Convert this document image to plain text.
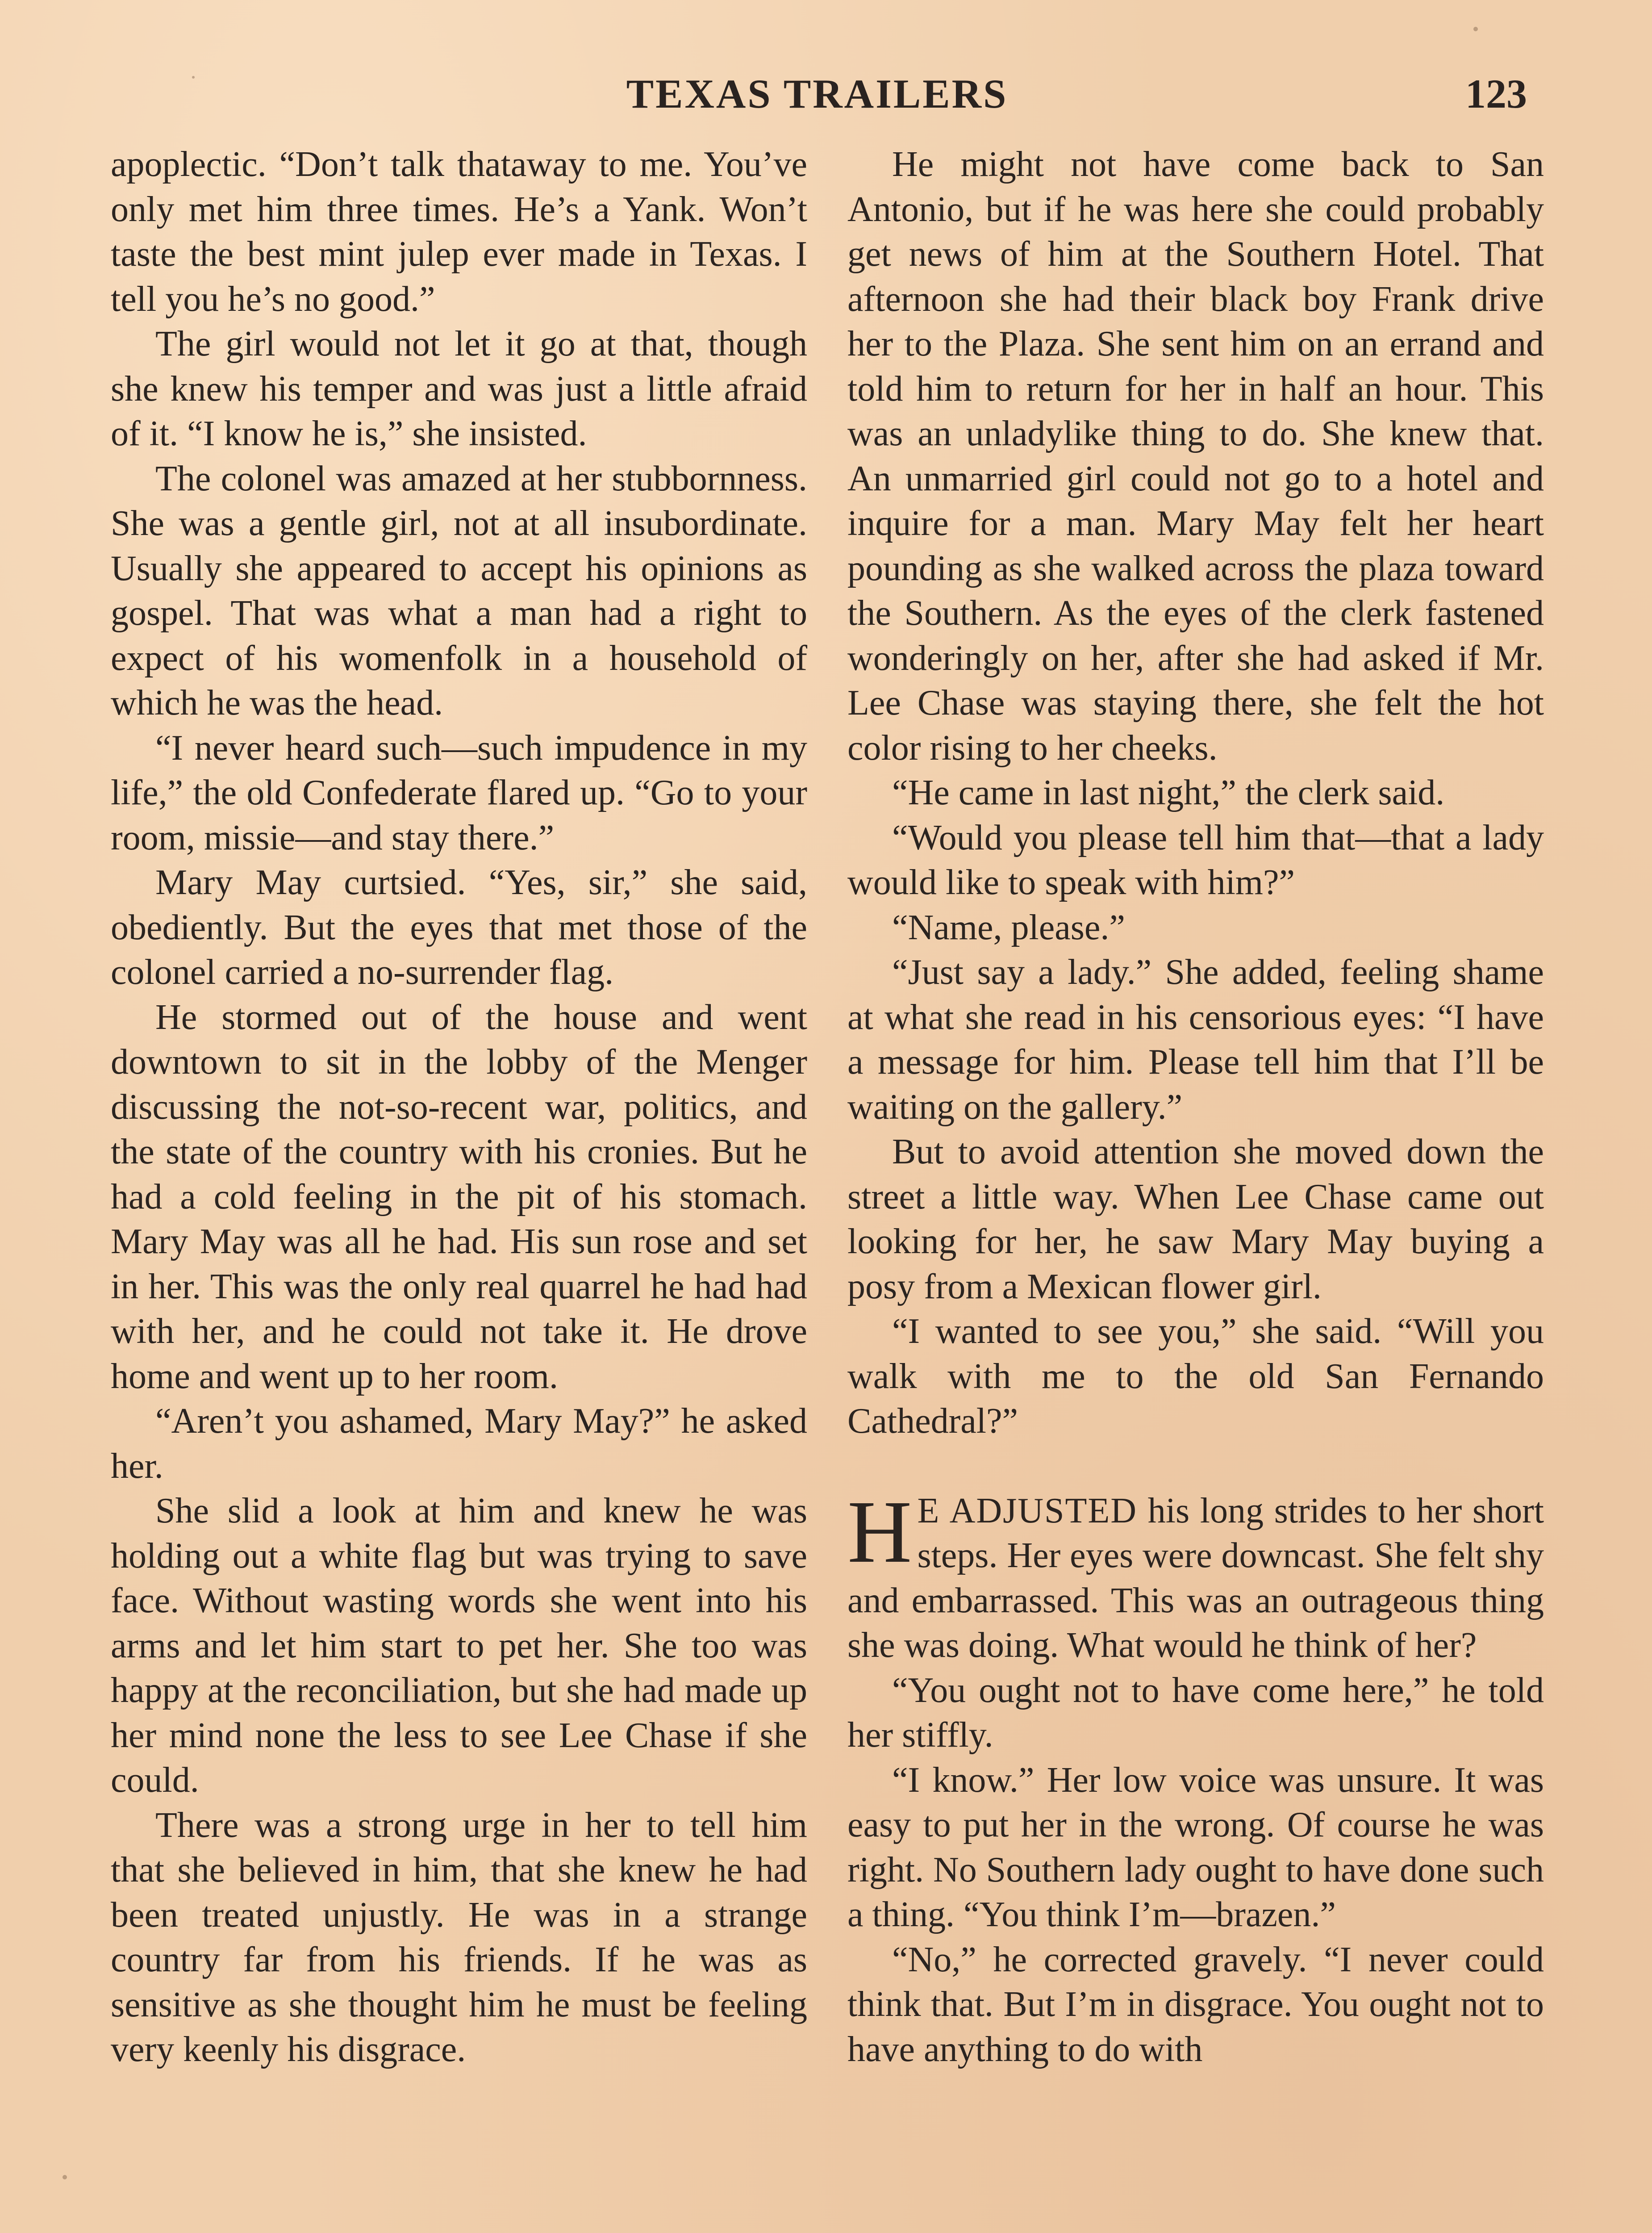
TEXAS TRAILERS	123

apoplectic. “Don’t talk thataway to me. You’ve only met him three times. He’s a Yank. Won’t taste the best mint julep ever made in Texas. I tell you he’s no good.”

The girl would not let it go at that, though she knew his temper and was just a little afraid of it. “I know he is,” she insisted.

The colonel was amazed at her stubbornness. She was a gentle girl, not at all insubordinate. Usually she appeared to accept his opinions as gospel. That was what a man had a right to expect of his womenfolk in a household of which he was the head.

“I never heard such—such impudence in my life,” the old Confederate flared up. “Go to your room, missie—and stay there.”

Mary May curtsied. “Yes, sir,” she said, obediently. But the eyes that met those of the colonel carried a no-surrender flag.

He stormed out of the house and went downtown to sit in the lobby of the Menger discussing the not-so-recent war, politics, and the state of the country with his cronies. But he had a cold feeling in the pit of his stomach. Mary May was all he had. His sun rose and set in her. This was the only real quarrel he had had with her, and he could not take it. He drove home and went up to her room.

“Aren’t you ashamed, Mary May?” he asked her.

She slid a look at him and knew he was holding out a white flag but was trying to save face. Without wasting words she went into his arms and let him start to pet her. She too was happy at the reconciliation, but she had made up her mind none the less to see Lee Chase if she could.

There was a strong urge in her to tell him that she believed in him, that she knew he had been treated unjustly. He was in a strange country far from his friends. If he was as sensitive as she thought him he must be feeling very keenly his disgrace.

He might not have come back to San Antonio, but if he was here she could probably get news of him at the Southern Hotel. That afternoon she had their black boy Frank drive her to the Plaza. She sent him on an errand and told him to return for her in half an hour. This was an unladylike thing to do. She knew that. An unmarried girl could not go to a hotel and inquire for a man. Mary May felt her heart pounding as she walked across the plaza toward the Southern. As the eyes of the clerk fastened wonderingly on her, after she had asked if Mr. Lee Chase was staying there, she felt the hot color rising to her cheeks.

“He came in last night,” the clerk said.

“Would you please tell him that—that a lady would like to speak with him?”

“Name, please.”

“Just say a lady.” She added, feeling shame at what she read in his censorious eyes: “I have a message for him. Please tell him that I’ll be waiting on the gallery.”

But to avoid attention she moved down the street a little way. When Lee Chase came out looking for her, he saw Mary May buying a posy from a Mexican flower girl.

“I wanted to see you,” she said. “Will you walk with me to the old San Fernando Cathedral?”

H E ADJUSTED his long strides to her short steps. Her eyes were downcast. She felt shy and embarrassed. This was an outrageous thing she was doing. What would he think of her?

“You ought not to have come here,” he told her stiffly.

“I know.” Her low voice was unsure. It was easy to put her in the wrong. Of course he was right. No Southern lady ought to have done such a thing. “You think I’m—brazen.”

“No,” he corrected gravely. “I never could think that. But I’m in disgrace. You ought not to have anything to do with
